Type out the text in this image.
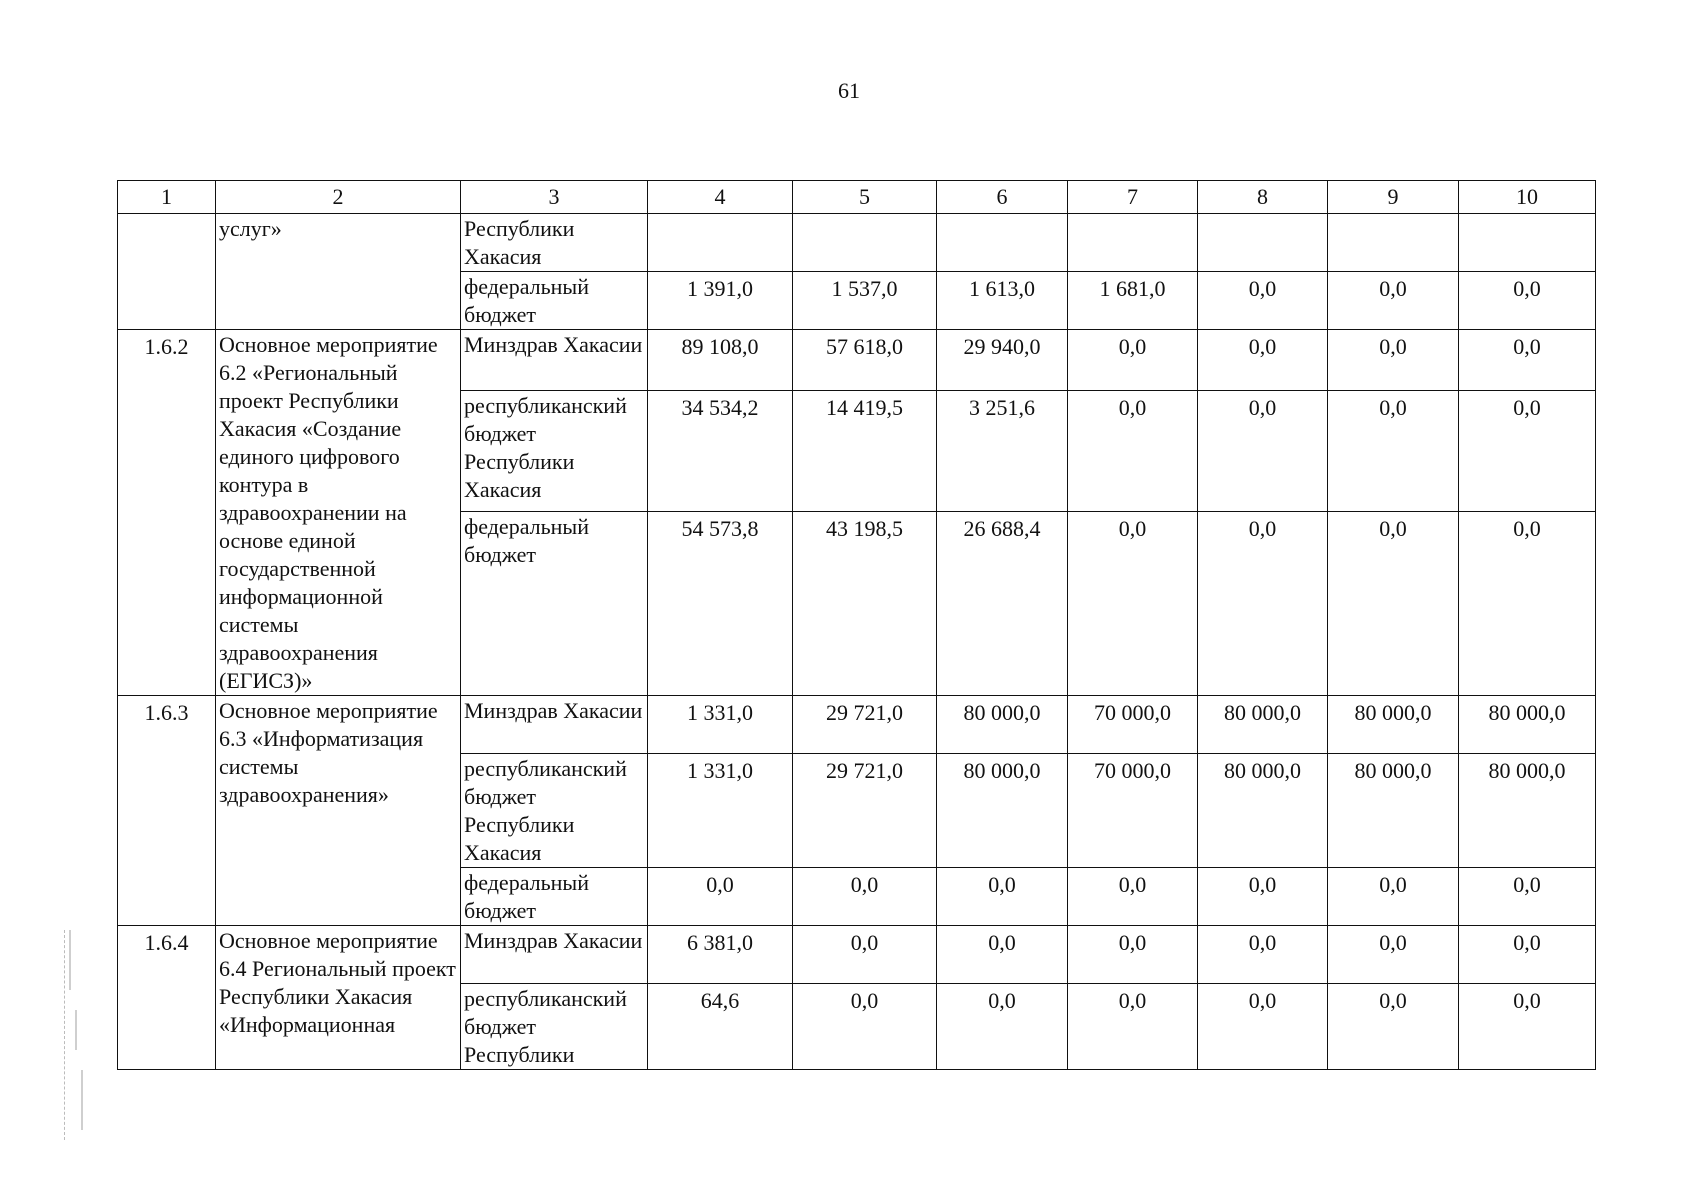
61
1	2	3	4	5	6	7	8	9	10
	услуг»	Республики Хакасия							
		федеральный бюджет	1 391,0	1 537,0	1 613,0	1 681,0	0,0	0,0	0,0
1.6.2	Основное мероприятие 6.2 «Региональный проект Республики Хакасия «Создание единого цифрового контура в здравоохранении на основе единой государственной информационной системы здравоохранения (ЕГИСЗ)»	Минздрав Хакасии	89 108,0	57 618,0	29 940,0	0,0	0,0	0,0	0,0
		республиканский бюджет Республики Хакасия	34 534,2	14 419,5	3 251,6	0,0	0,0	0,0	0,0
		федеральный бюджет	54 573,8	43 198,5	26 688,4	0,0	0,0	0,0	0,0
1.6.3	Основное мероприятие 6.3 «Информатизация системы здравоохранения»	Минздрав Хакасии	1 331,0	29 721,0	80 000,0	70 000,0	80 000,0	80 000,0	80 000,0
		республиканский бюджет Республики Хакасия	1 331,0	29 721,0	80 000,0	70 000,0	80 000,0	80 000,0	80 000,0
		федеральный бюджет	0,0	0,0	0,0	0,0	0,0	0,0	0,0
1.6.4	Основное мероприятие 6.4 Региональный проект Республики Хакасия «Информационная	Минздрав Хакасии	6 381,0	0,0	0,0	0,0	0,0	0,0	0,0
		республиканский бюджет Республики	64,6	0,0	0,0	0,0	0,0	0,0	0,0
